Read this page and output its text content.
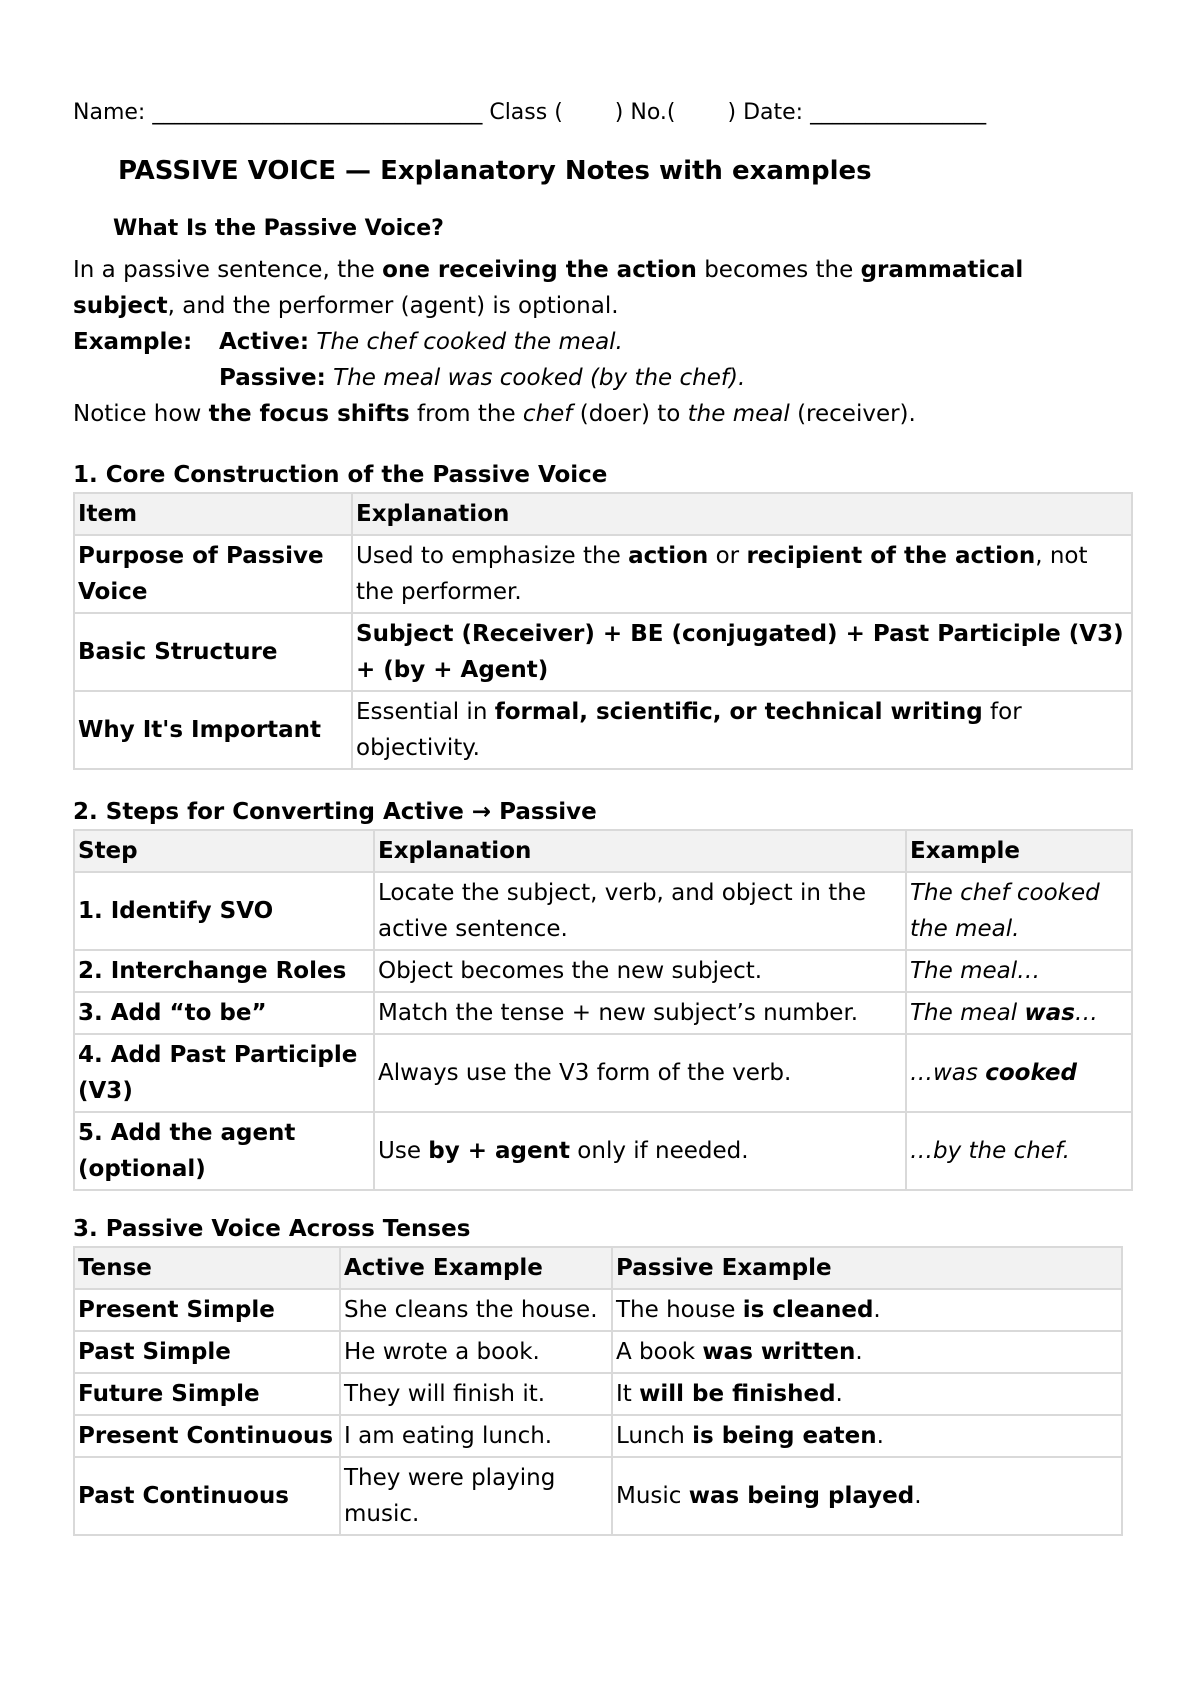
Name: ______________________________ Class ( ) No.( ) Date: ________________
PASSIVE VOICE — Explanatory Notes with examples
What Is the Passive Voice?

In a passive sentence, the one receiving the action becomes the grammatical subject, and the performer (agent) is optional.

Example: Active: The chef cooked the meal.

Passive: The meal was cooked (by the chef).

Notice how the focus shifts from the chef (doer) to the meal (receiver).

1. Core Construction of the Passive Voice
Item	Explanation
Purpose of Passive Voice	Used to emphasize the action or recipient of the action, not the performer.
Basic Structure	Subject (Receiver) + BE (conjugated) + Past Participle (V3) + (by + Agent)
Why It's Important	Essential in formal, scientific, or technical writing for objectivity.
2. Steps for Converting Active → Passive
Step	Explanation	Example
1. Identify SVO	Locate the subject, verb, and object in the active sentence.	The chef cooked the meal.
2. Interchange Roles	Object becomes the new subject.	The meal…
3. Add “to be”	Match the tense + new subject’s number.	The meal was…
4. Add Past Participle (V3)	Always use the V3 form of the verb.	…was cooked
5. Add the agent (optional)	Use by + agent only if needed.	…by the chef.
3. Passive Voice Across Tenses
Tense	Active Example	Passive Example
Present Simple	She cleans the house.	The house is cleaned.
Past Simple	He wrote a book.	A book was written.
Future Simple	They will finish it.	It will be finished.
Present Continuous	I am eating lunch.	Lunch is being eaten.
Past Continuous	They were playing music.	Music was being played.
